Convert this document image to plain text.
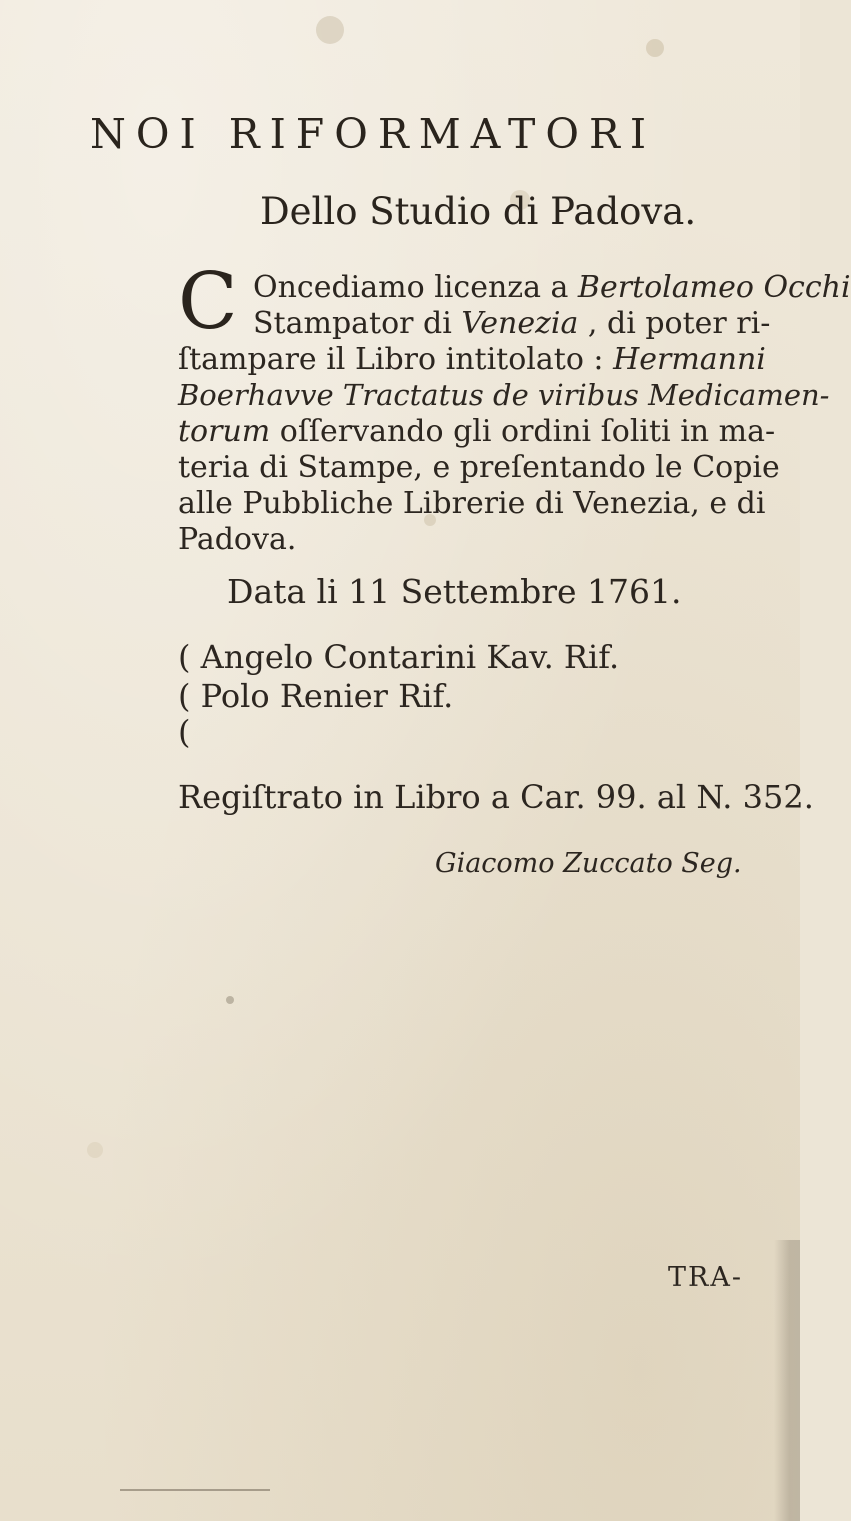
NOI RIFORMATORI
Dello Studio di Padova.
C Oncediamo licenza a Bertolameo Occhi
Stampator di Venezia , di poter ri-
ſtampare il Libro intitolato : Hermanni
Boerhavve Tractatus de viribus Medicamen-
torum oſſervando gli ordini ſoliti in ma-
teria di Stampe, e preſentando le Copie
alle Pubbliche Librerie di Venezia, e di
Padova.
Data li 11 Settembre 1761.
( Angelo Contarini Kav. Rif.
( Polo Renier Rif.
(
Regiſtrato in Libro a Car. 99. al N. 352.
Giacomo Zuccato Seg.
TRA-
